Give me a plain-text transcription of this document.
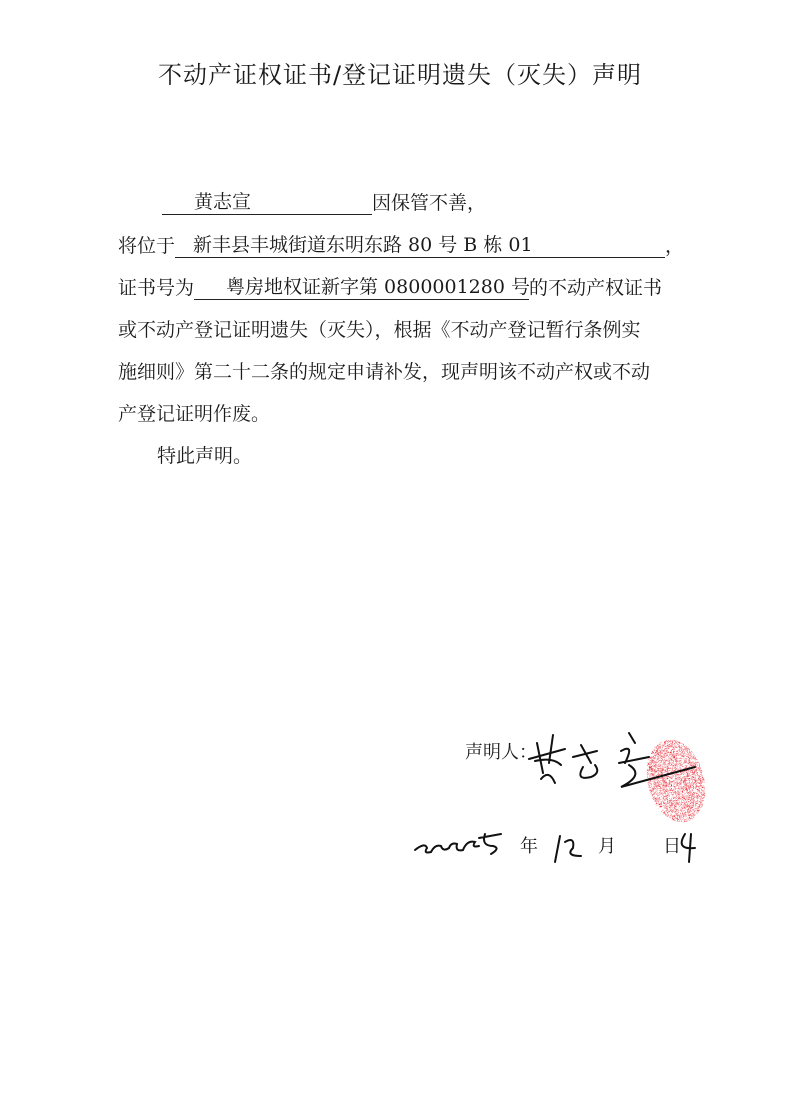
不动产证权证书/登记证明遗失（灭失）声明
黄志宣	因保管不善，
将位于 新丰县丰城街道东明东路 80 号 B 栋 01	，
证书号为 粤房地权证新字第 0800001280 号 的不动产权证书
或不动产登记证明遗失（灭失），根据《不动产登记暂行条例实
施细则》第二十二条的规定申请补发，现声明该不动产权或不动
产登记证明作废。
特此声明。
声明人：
年	月	日
